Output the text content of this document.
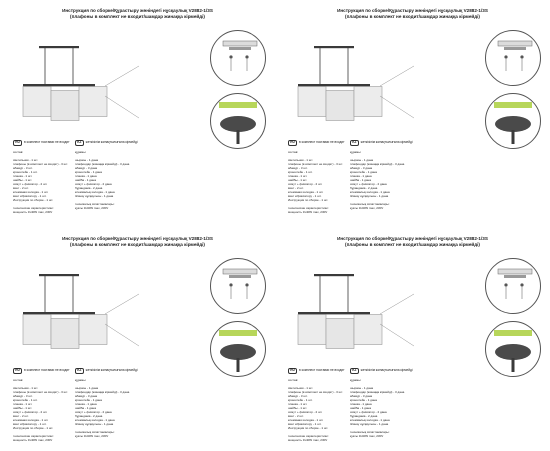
Инструкция по сборке/Құрастыру жөніндегі нұсқаулық V2882-1/3S
(плафоны в комплект не входит/шамдар жинаққа кірмейді)
RU в комплект поставки не входит	KZ жеткізілім жинақтылығына кірмейді
состав:
светильник - 1 шт.
плафоны (в комплект не входят) - 3 шт.
абажур - 3 шт.
кронштейн - 1 шт.
планка - 1 шт.
шайбы - 1 шт.
хомут + фиксатор - 2 шт.
винт - 2 шт.
клеммная колодка - 1 шт.
винт к/фиксатору - 1 шт.
Инструкция по сборке - 1 шт.
технические характеристики:
мощность 3x40W max, 230V
құрамы:
шырағы - 1 дана
плафондар (жинаққа кірмейді) - 3 дана
абажур - 3 дана
кронштейн - 1 дана
планка - 1 дана
шайба - 1 дана
хомут + фиксатор - 2 дана
бұрандама - 2 дана
клеммалық колодка - 1 дана
Жинау нұсқаулығы - 1 дана
техникалық сипаттамалары:
қуаты 3x40W max, 230V
Инструкция по сборке/Құрастыру жөніндегі нұсқаулық V2882-1/3S
(плафоны в комплект не входит/шамдар жинаққа кірмейді)
RU в комплект поставки не входит	KZ жеткізілім жинақтылығына кірмейді
состав:
светильник - 1 шт.
плафоны (в комплект не входят) - 3 шт.
абажур - 3 шт.
кронштейн - 1 шт.
планка - 1 шт.
шайбы - 1 шт.
хомут + фиксатор - 2 шт.
винт - 2 шт.
клеммная колодка - 1 шт.
винт к/фиксатору - 1 шт.
Инструкция по сборке - 1 шт.
технические характеристики:
мощность 3x40W max, 230V
құрамы:
шырағы - 1 дана
плафондар (жинаққа кірмейді) - 3 дана
абажур - 3 дана
кронштейн - 1 дана
планка - 1 дана
шайба - 1 дана
хомут + фиксатор - 2 дана
бұрандама - 2 дана
клеммалық колодка - 1 дана
Жинау нұсқаулығы - 1 дана
техникалық сипаттамалары:
қуаты 3x40W max, 230V
Инструкция по сборке/Құрастыру жөніндегі нұсқаулық V2882-1/3S
(плафоны в комплект не входит/шамдар жинаққа кірмейді)
RU в комплект поставки не входит	KZ жеткізілім жинақтылығына кірмейді
состав:
светильник - 1 шт.
плафоны (в комплект не входят) - 3 шт.
абажур - 3 шт.
кронштейн - 1 шт.
планка - 1 шт.
шайбы - 1 шт.
хомут + фиксатор - 2 шт.
винт - 2 шт.
клеммная колодка - 1 шт.
винт к/фиксатору - 1 шт.
Инструкция по сборке - 1 шт.
технические характеристики:
мощность 3x40W max, 230V
құрамы:
шырағы - 1 дана
плафондар (жинаққа кірмейді) - 3 дана
абажур - 3 дана
кронштейн - 1 дана
планка - 1 дана
шайба - 1 дана
хомут + фиксатор - 2 дана
бұрандама - 2 дана
клеммалық колодка - 1 дана
Жинау нұсқаулығы - 1 дана
техникалық сипаттамалары:
қуаты 3x40W max, 230V
Инструкция по сборке/Құрастыру жөніндегі нұсқаулық V2882-1/3S
(плафоны в комплект не входит/шамдар жинаққа кірмейді)
RU в комплект поставки не входит	KZ жеткізілім жинақтылығына кірмейді
состав:
светильник - 1 шт.
плафоны (в комплект не входят) - 3 шт.
абажур - 3 шт.
кронштейн - 1 шт.
планка - 1 шт.
шайбы - 1 шт.
хомут + фиксатор - 2 шт.
винт - 2 шт.
клеммная колодка - 1 шт.
винт к/фиксатору - 1 шт.
Инструкция по сборке - 1 шт.
технические характеристики:
мощность 3x40W max, 230V
құрамы:
шырағы - 1 дана
плафондар (жинаққа кірмейді) - 3 дана
абажур - 3 дана
кронштейн - 1 дана
планка - 1 дана
шайба - 1 дана
хомут + фиксатор - 2 дана
бұрандама - 2 дана
клеммалық колодка - 1 дана
Жинау нұсқаулығы - 1 дана
техникалық сипаттамалары:
қуаты 3x40W max, 230V
